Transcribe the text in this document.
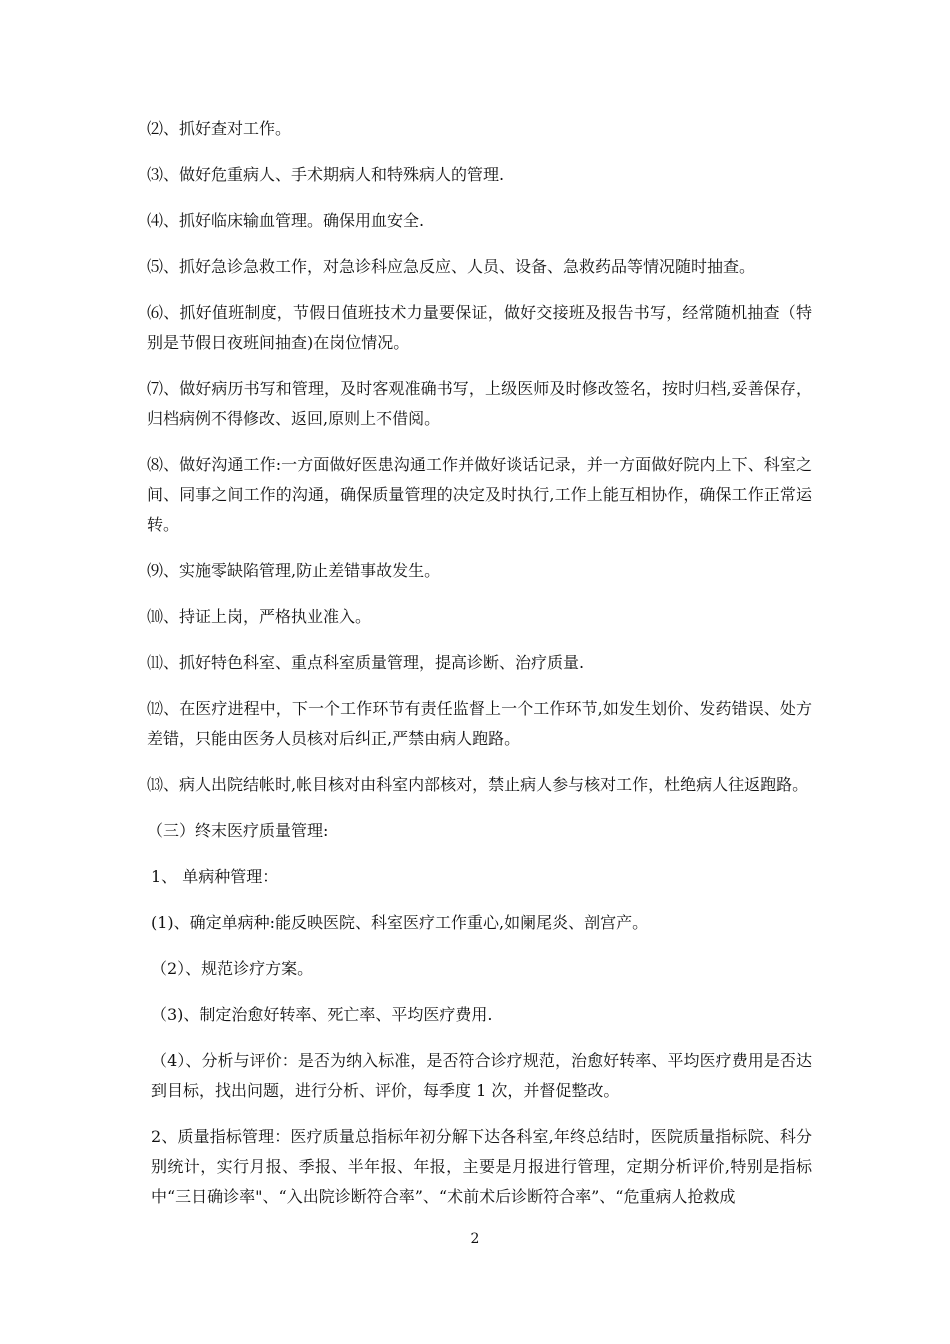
⑵、抓好查对工作。

⑶、做好危重病人、手术期病人和特殊病人的管理.

⑷、抓好临床输血管理。确保用血安全.

⑸、抓好急诊急救工作，对急诊科应急反应、人员、设备、急救药品等情况随时抽查。

⑹、抓好值班制度，节假日值班技术力量要保证，做好交接班及报告书写，经常随机抽查（特别是节假日夜班间抽查)在岗位情况。

⑺、做好病历书写和管理，及时客观准确书写，上级医师及时修改签名，按时归档,妥善保存，归档病例不得修改、返回,原则上不借阅。

⑻、做好沟通工作:一方面做好医患沟通工作并做好谈话记录，并一方面做好院内上下、科室之间、同事之间工作的沟通，确保质量管理的决定及时执行,工作上能互相协作，确保工作正常运转。

⑼、实施零缺陷管理,防止差错事故发生。

⑽、持证上岗，严格执业准入。

⑾、抓好特色科室、重点科室质量管理，提高诊断、治疗质量.

⑿、在医疗进程中，下一个工作环节有责任监督上一个工作环节,如发生划价、发药错误、处方差错，只能由医务人员核对后纠正,严禁由病人跑路。

⒀、病人出院结帐时,帐目核对由科室内部核对，禁止病人参与核对工作，杜绝病人往返跑路。

（三）终末医疗质量管理:

1、 单病种管理：

(1)、确定单病种:能反映医院、科室医疗工作重心,如阑尾炎、剖宫产。

（2）、规范诊疗方案。

（3)、制定治愈好转率、死亡率、平均医疗费用.

（4）、分析与评价：是否为纳入标准，是否符合诊疗规范，治愈好转率、平均医疗费用是否达到目标，找出问题，进行分析、评价，每季度 1 次，并督促整改。

2、质量指标管理：医疗质量总指标年初分解下达各科室,年终总结时，医院质量指标院、科分别统计，实行月报、季报、半年报、年报，主要是月报进行管理，定期分析评价,特别是指标中“三日确诊率"、“入出院诊断符合率”、“术前术后诊断符合率”、“危重病人抢救成

2
